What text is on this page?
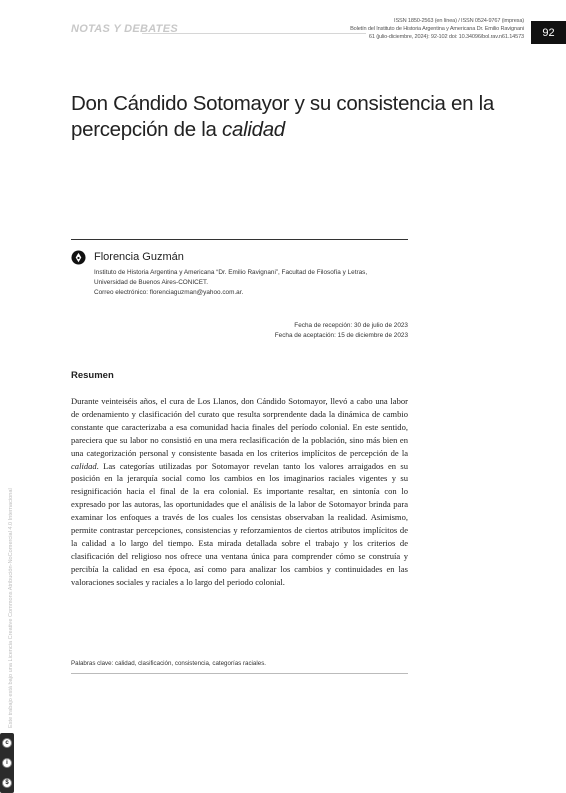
NOTAS Y DEBATES
ISSN 1850-2563 (en línea) / ISSN 0524-9767 (impresa)
Boletín del Instituto de Historia Argentina y Americana Dr. Emilio Ravignani
61 (julio-diciembre, 2024): 92-102 doi: 10.34096/bol.rav.n61.14573	92
Don Cándido Sotomayor y su consistencia en la percepción de la calidad
Florencia Guzmán
Instituto de Historia Argentina y Americana “Dr. Emilio Ravignani”, Facultad de Filosofía y Letras,
Universidad de Buenos Aires-CONICET.
Correo electrónico: florenciaguzman@yahoo.com.ar.
Fecha de recepción: 30 de julio de 2023
Fecha de aceptación: 15 de diciembre de 2023
Resumen

Durante veinteiséis años, el cura de Los Llanos, don Cándido Sotomayor, llevó a cabo una labor de ordenamiento y clasificación del curato que resulta sorprendente dada la dinámica de cambio constante que caracterizaba a esa comunidad hacia finales del período colonial. En este sentido, pareciera que su labor no consistió en una mera reclasificación de la población, sino más bien en una categorización personal y consistente basada en los criterios implícitos de percepción de la calidad. Las categorías utilizadas por Sotomayor revelan tanto los valores arraigados en su posición en la jerarquía social como los cambios en los imaginarios raciales vigentes y su resignificación hacia el final de la era colonial. Es importante resaltar, en sintonía con lo expresado por las autoras, las oportunidades que el análisis de la labor de Sotomayor brinda para examinar los enfoques a través de los cuales los censistas observaban la realidad. Asimismo, permite contrastar percepciones, consistencias y reforzamientos de ciertos atributos implícitos de la calidad a lo largo del tiempo. Esta mirada detallada sobre el trabajo y los criterios de clasificación del religioso nos ofrece una ventana única para comprender cómo se construía y percibía la calidad en esa época, así como para analizar los cambios y continuidades en las valoraciones sociales y raciales a lo largo del periodo colonial.

Palabras clave: calidad, clasificación, consistencia, categorías raciales.
Este trabajo está bajo una Licencia Creative Commons Atribución-NoComercial 4.0 Internacional
c
i
$
